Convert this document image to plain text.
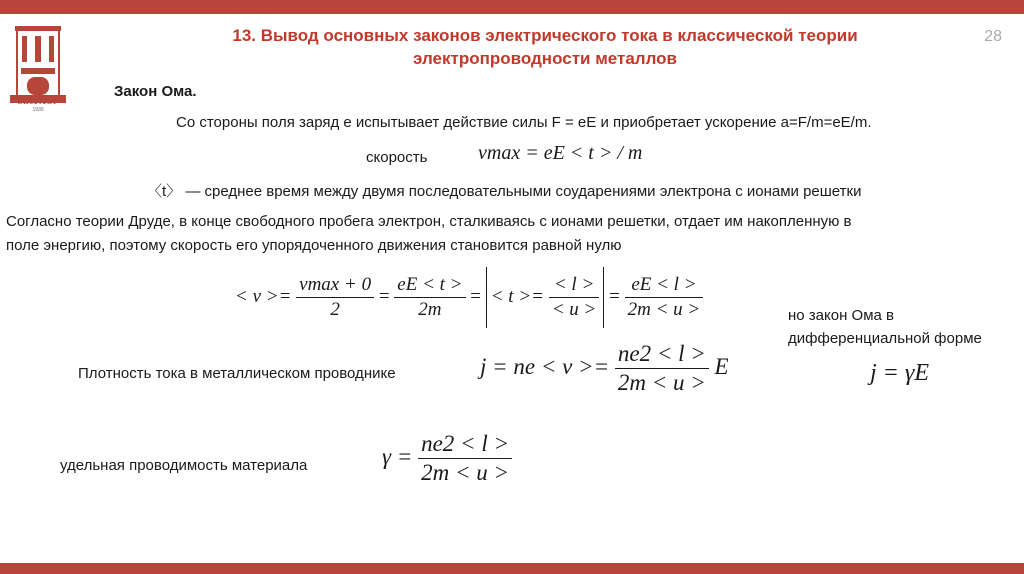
СибГАСУ
1930
13. Вывод основных законов электрического тока в классической теории
электропроводности металлов
28
Закон Ома.
Со стороны поля заряд e испытывает действие силы F = eE и приобретает ускорение a=F/m=eE/m.
скорость	vmax = eE < t > / m
〈t〉 — среднее время между двумя последовательными соударениями электрона с ионами решетки
Согласно теории Друде, в конце свободного пробега электрон, сталкиваясь с ионами решетки, отдает им накопленную в
поле энергию, поэтому скорость его упорядоченного движения становится равной нулю
< $v >= \frac{vmax + 0}{2} = \frac{eE < t >}{2m}$ = < $t >= \frac{< l >}{< u >} = \frac{eE < l >}{2m < u >}$	но закон Ома в
дифференциальной форме
Плотность тока в металлическом проводнике	j = ne < $v >= \frac{ne2 < l >}{2m < u >}$ E	j = γE
удельная проводимость материала	$\gamma = \frac{ne2 < l >}{2m < u >}$
